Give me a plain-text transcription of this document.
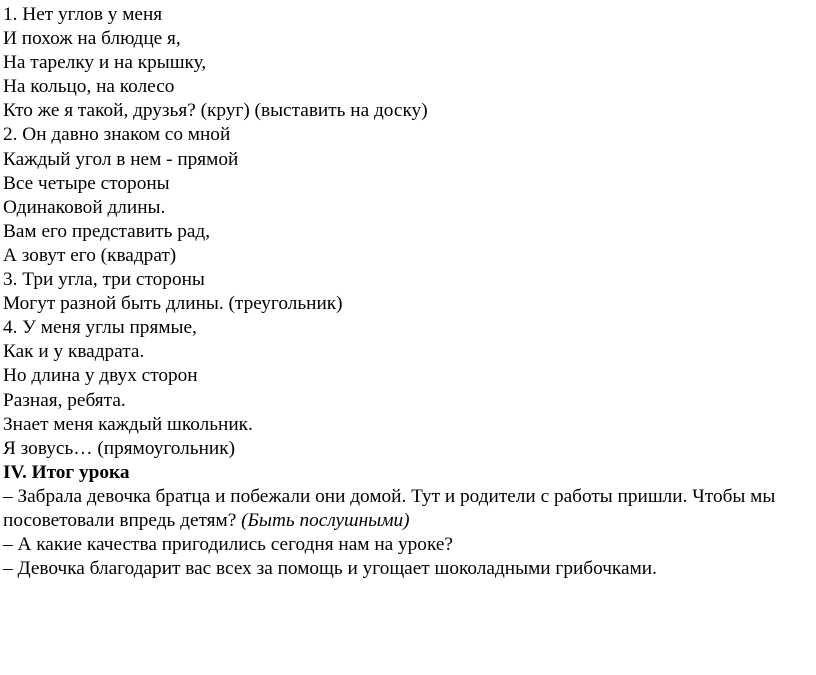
1. Нет углов у меня
И похож на блюдце я,
На тарелку и на крышку,
На кольцо, на колесо
Кто же я такой, друзья? (круг) (выставить на доску)
2. Он давно знаком со мной
Каждый угол в нем - прямой
Все четыре стороны
Одинаковой длины.
Вам его представить рад,
А зовут его (квадрат)
3. Три угла, три стороны
Могут разной быть длины. (треугольник)
4. У меня углы прямые,
Как и у квадрата.
Но длина у двух сторон
Разная, ребята.
Знает меня каждый школьник.
Я зовусь… (прямоугольник)
IV. Итог урока
– Забрала девочка братца и побежали они домой. Тут и родители с работы пришли. Чтобы мы посоветовали впредь детям? (Быть послушными)
– А какие качества пригодились сегодня нам на уроке?
– Девочка благодарит вас всех за помощь и угощает шоколадными грибочками.
